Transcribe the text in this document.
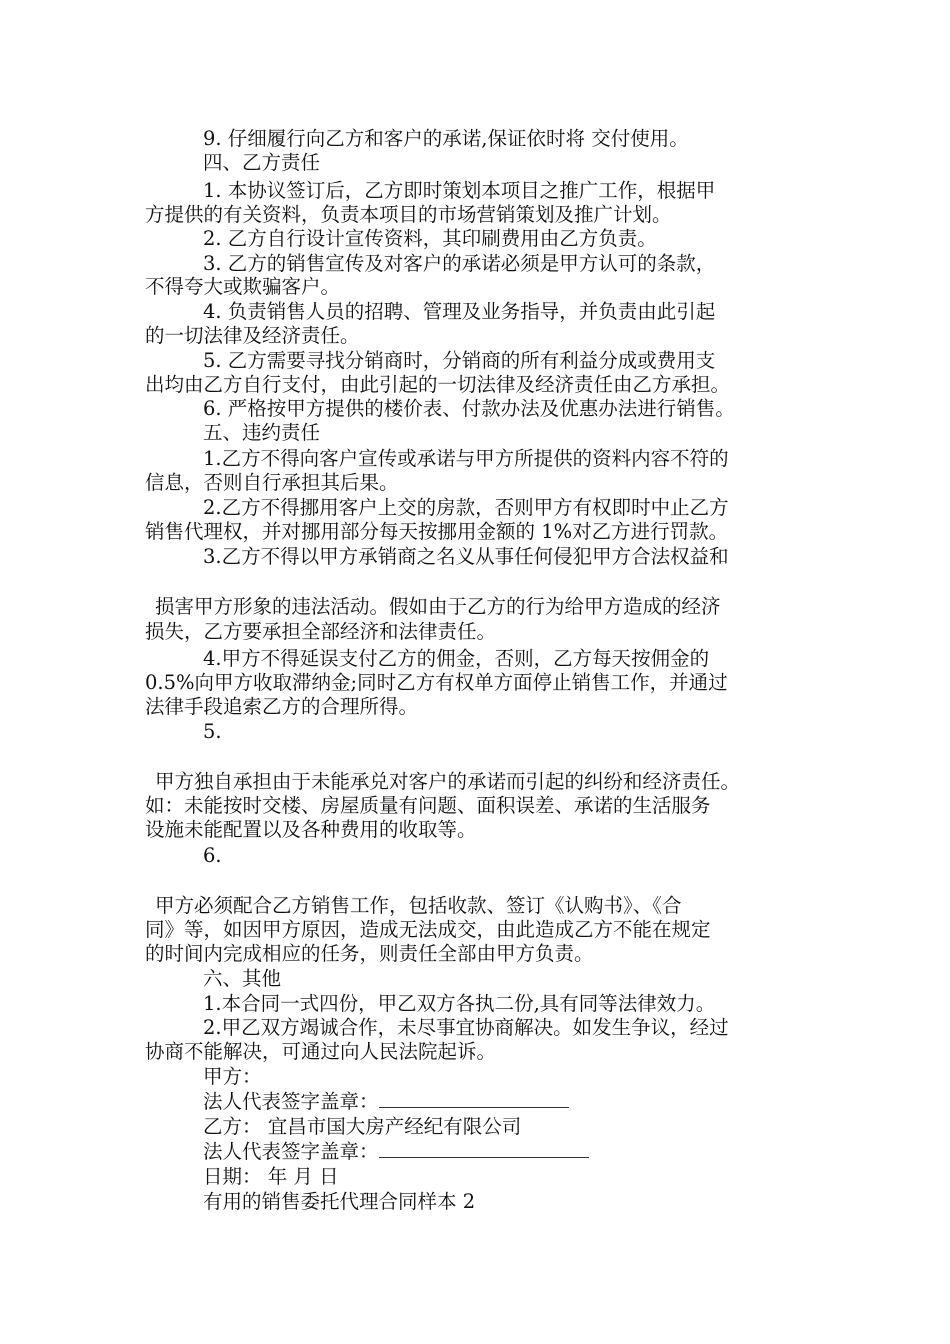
9. 仔细履行向乙方和客户的承诺,保证依时将 交付使用。
四、乙方责任
1. 本协议签订后，乙方即时策划本项目之推广工作，根据甲
方提供的有关资料，负责本项目的市场营销策划及推广计划。
2. 乙方自行设计宣传资料，其印刷费用由乙方负责。
3. 乙方的销售宣传及对客户的承诺必须是甲方认可的条款，
不得夸大或欺骗客户。
4. 负责销售人员的招聘、管理及业务指导，并负责由此引起
的一切法律及经济责任。
5. 乙方需要寻找分销商时，分销商的所有利益分成或费用支
出均由乙方自行支付，由此引起的一切法律及经济责任由乙方承担。
6. 严格按甲方提供的楼价表、付款办法及优惠办法进行销售。
五、违约责任
1.乙方不得向客户宣传或承诺与甲方所提供的资料内容不符的
信息，否则自行承担其后果。
2.乙方不得挪用客户上交的房款，否则甲方有权即时中止乙方
销售代理权，并对挪用部分每天按挪用金额的 1%对乙方进行罚款。
3.乙方不得以甲方承销商之名义从事任何侵犯甲方合法权益和
损害甲方形象的违法活动。假如由于乙方的行为给甲方造成的经济
损失，乙方要承担全部经济和法律责任。
4.甲方不得延误支付乙方的佣金，否则，乙方每天按佣金的
0.5%向甲方收取滞纳金;同时乙方有权单方面停止销售工作，并通过
法律手段追索乙方的合理所得。
5.
甲方独自承担由于未能承兑对客户的承诺而引起的纠纷和经济责任。
如：未能按时交楼、房屋质量有问题、面积误差、承诺的生活服务
设施未能配置以及各种费用的收取等。
6.
甲方必须配合乙方销售工作，包括收款、签订《认购书》、《合
同》等，如因甲方原因，造成无法成交，由此造成乙方不能在规定
的时间内完成相应的任务，则责任全部由甲方负责。
六、其他
1.本合同一式四份，甲乙双方各执二份,具有同等法律效力。
2.甲乙双方竭诚合作，未尽事宜协商解决。如发生争议，经过
协商不能解决，可通过向人民法院起诉。
甲方：
法人代表签字盖章：
乙方： 宜昌市国大房产经纪有限公司
法人代表签字盖章：
日期： 年 月 日
有用的销售委托代理合同样本 2
